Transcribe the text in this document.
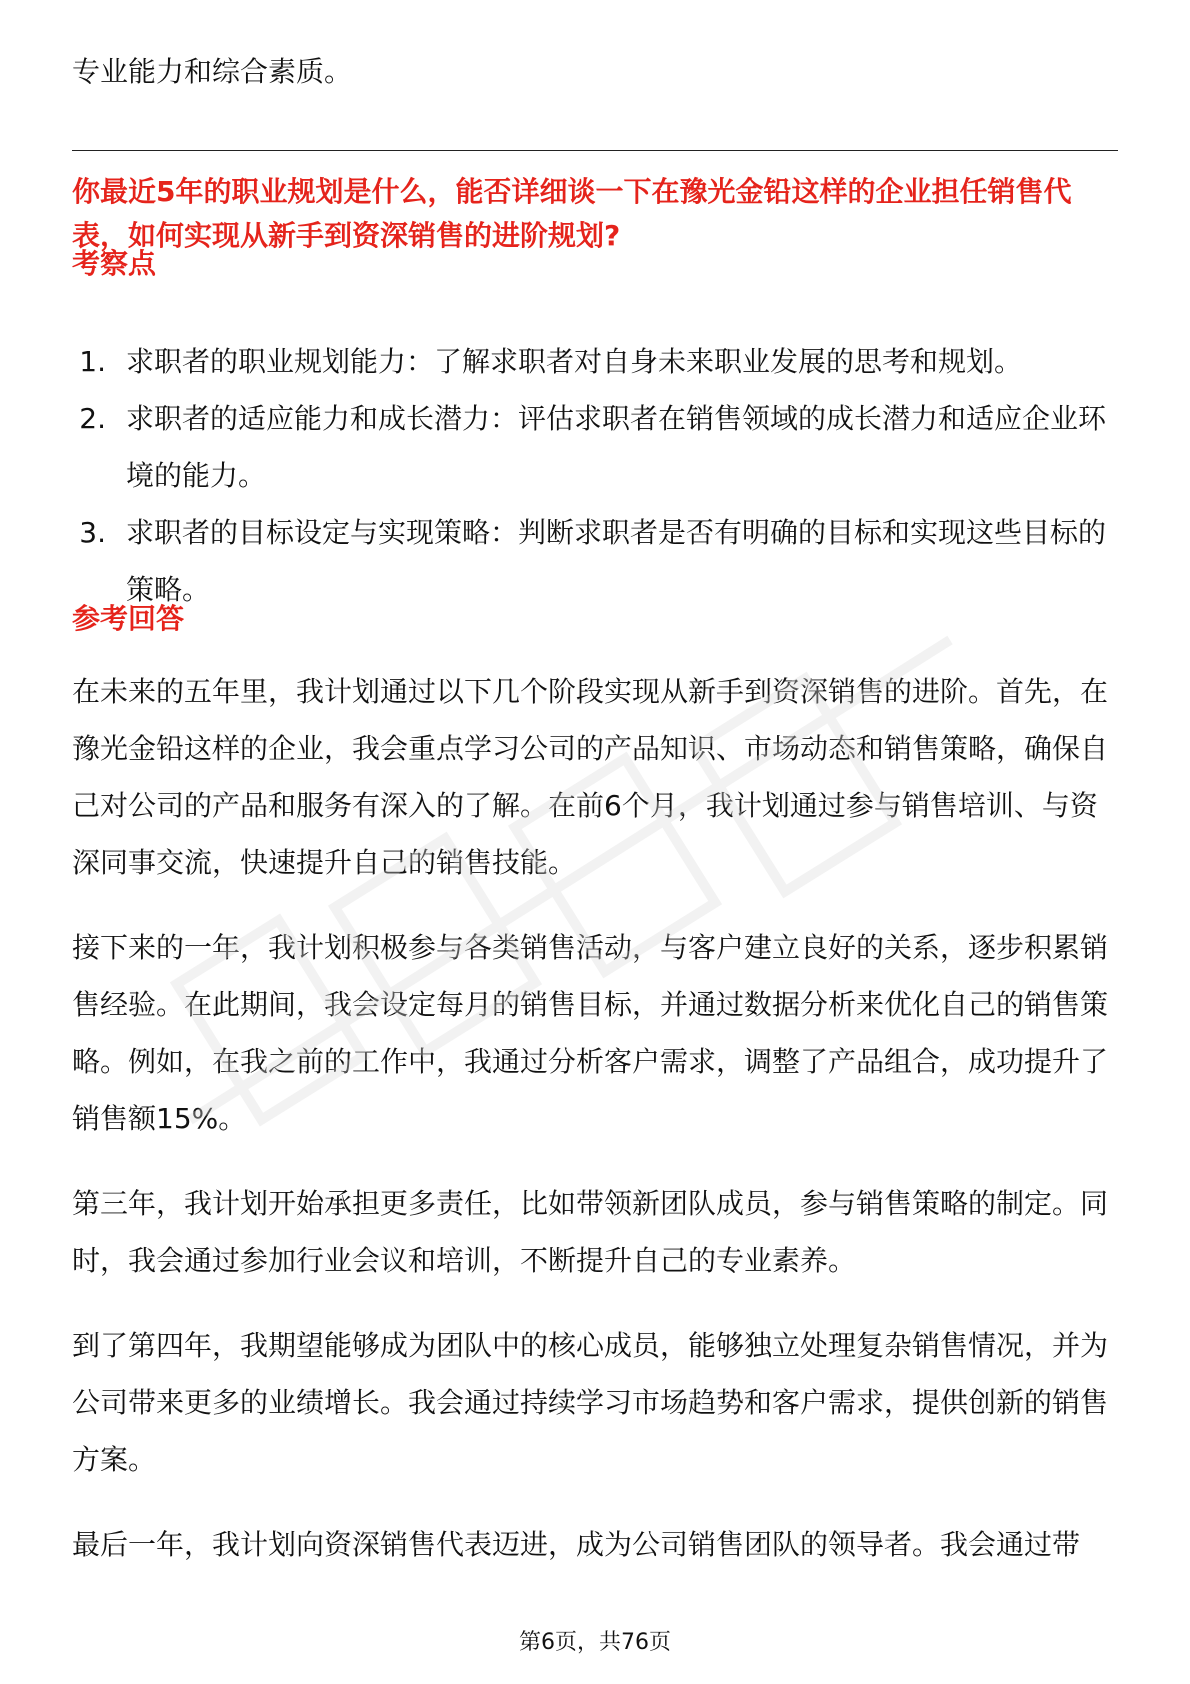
专业能力和综合素质。

你最近5年的职业规划是什么，能否详细谈一下在豫光金铅这样的企业担任销售代表，如何实现从新手到资深销售的进阶规划?

考察点

1. 求职者的职业规划能力：了解求职者对自身未来职业发展的思考和规划。
2. 求职者的适应能力和成长潜力：评估求职者在销售领域的成长潜力和适应企业环境的能力。
3. 求职者的目标设定与实现策略：判断求职者是否有明确的目标和实现这些目标的策略。

参考回答

在未来的五年里，我计划通过以下几个阶段实现从新手到资深销售的进阶。首先，在豫光金铅这样的企业，我会重点学习公司的产品知识、市场动态和销售策略，确保自己对公司的产品和服务有深入的了解。在前6个月，我计划通过参与销售培训、与资深同事交流，快速提升自己的销售技能。

接下来的一年，我计划积极参与各类销售活动，与客户建立良好的关系，逐步积累销售经验。在此期间，我会设定每月的销售目标，并通过数据分析来优化自己的销售策略。例如，在我之前的工作中，我通过分析客户需求，调整了产品组合，成功提升了销售额15%。

第三年，我计划开始承担更多责任，比如带领新团队成员，参与销售策略的制定。同时，我会通过参加行业会议和培训，不断提升自己的专业素养。

到了第四年，我期望能够成为团队中的核心成员，能够独立处理复杂销售情况，并为公司带来更多的业绩增长。我会通过持续学习市场趋势和客户需求，提供创新的销售方案。

最后一年，我计划向资深销售代表迈进，成为公司销售团队的领导者。我会通过带

第6页，共76页
